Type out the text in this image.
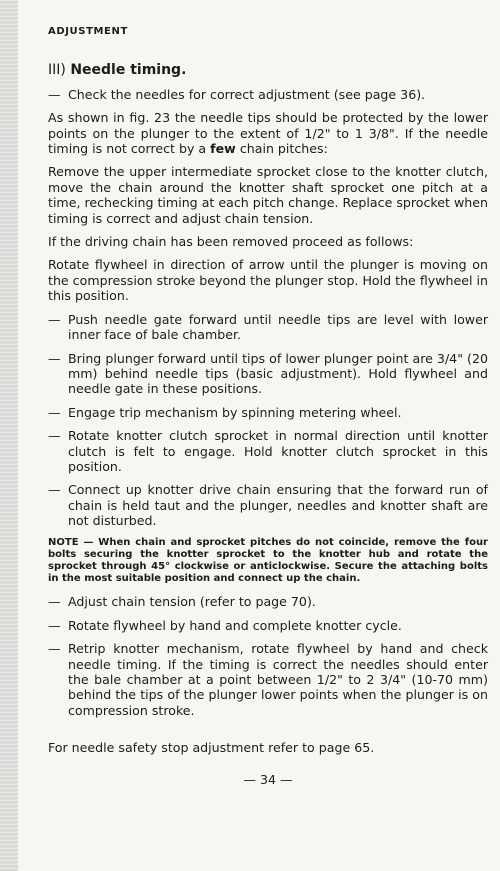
ADJUSTMENT
III) Needle timing.
— Check the needles for correct adjustment (see page 36).

As shown in fig. 23 the needle tips should be protected by the lower points on the plunger to the extent of 1/2" to 1 3/8". If the needle timing is not correct by a few chain pitches:

Remove the upper intermediate sprocket close to the knotter clutch, move the chain around the knotter shaft sprocket one pitch at a time, rechecking timing at each pitch change. Replace sprocket when timing is correct and adjust chain tension.

If the driving chain has been removed proceed as follows:

Rotate flywheel in direction of arrow until the plunger is moving on the compression stroke beyond the plunger stop. Hold the flywheel in this position.

— Push needle gate forward until needle tips are level with lower inner face of bale chamber.
— Bring plunger forward until tips of lower plunger point are 3/4" (20 mm) behind needle tips (basic adjustment). Hold flywheel and needle gate in these positions.
— Engage trip mechanism by spinning metering wheel.
— Rotate knotter clutch sprocket in normal direction until knotter clutch is felt to engage. Hold knotter clutch sprocket in this position.
— Connect up knotter drive chain ensuring that the forward run of chain is held taut and the plunger, needles and knotter shaft are not disturbed.
NOTE — When chain and sprocket pitches do not coincide, remove the four bolts securing the knotter sprocket to the knotter hub and rotate the sprocket through 45° clockwise or anticlockwise. Secure the attaching bolts in the most suitable position and connect up the chain.
— Adjust chain tension (refer to page 70).
— Rotate flywheel by hand and complete knotter cycle.
— Retrip knotter mechanism, rotate flywheel by hand and check needle timing. If the timing is correct the needles should enter the bale chamber at a point between 1/2" to 2 3/4" (10-70 mm) behind the tips of the plunger lower points when the plunger is on compression stroke.

For needle safety stop adjustment refer to page 65.

— 34 —
